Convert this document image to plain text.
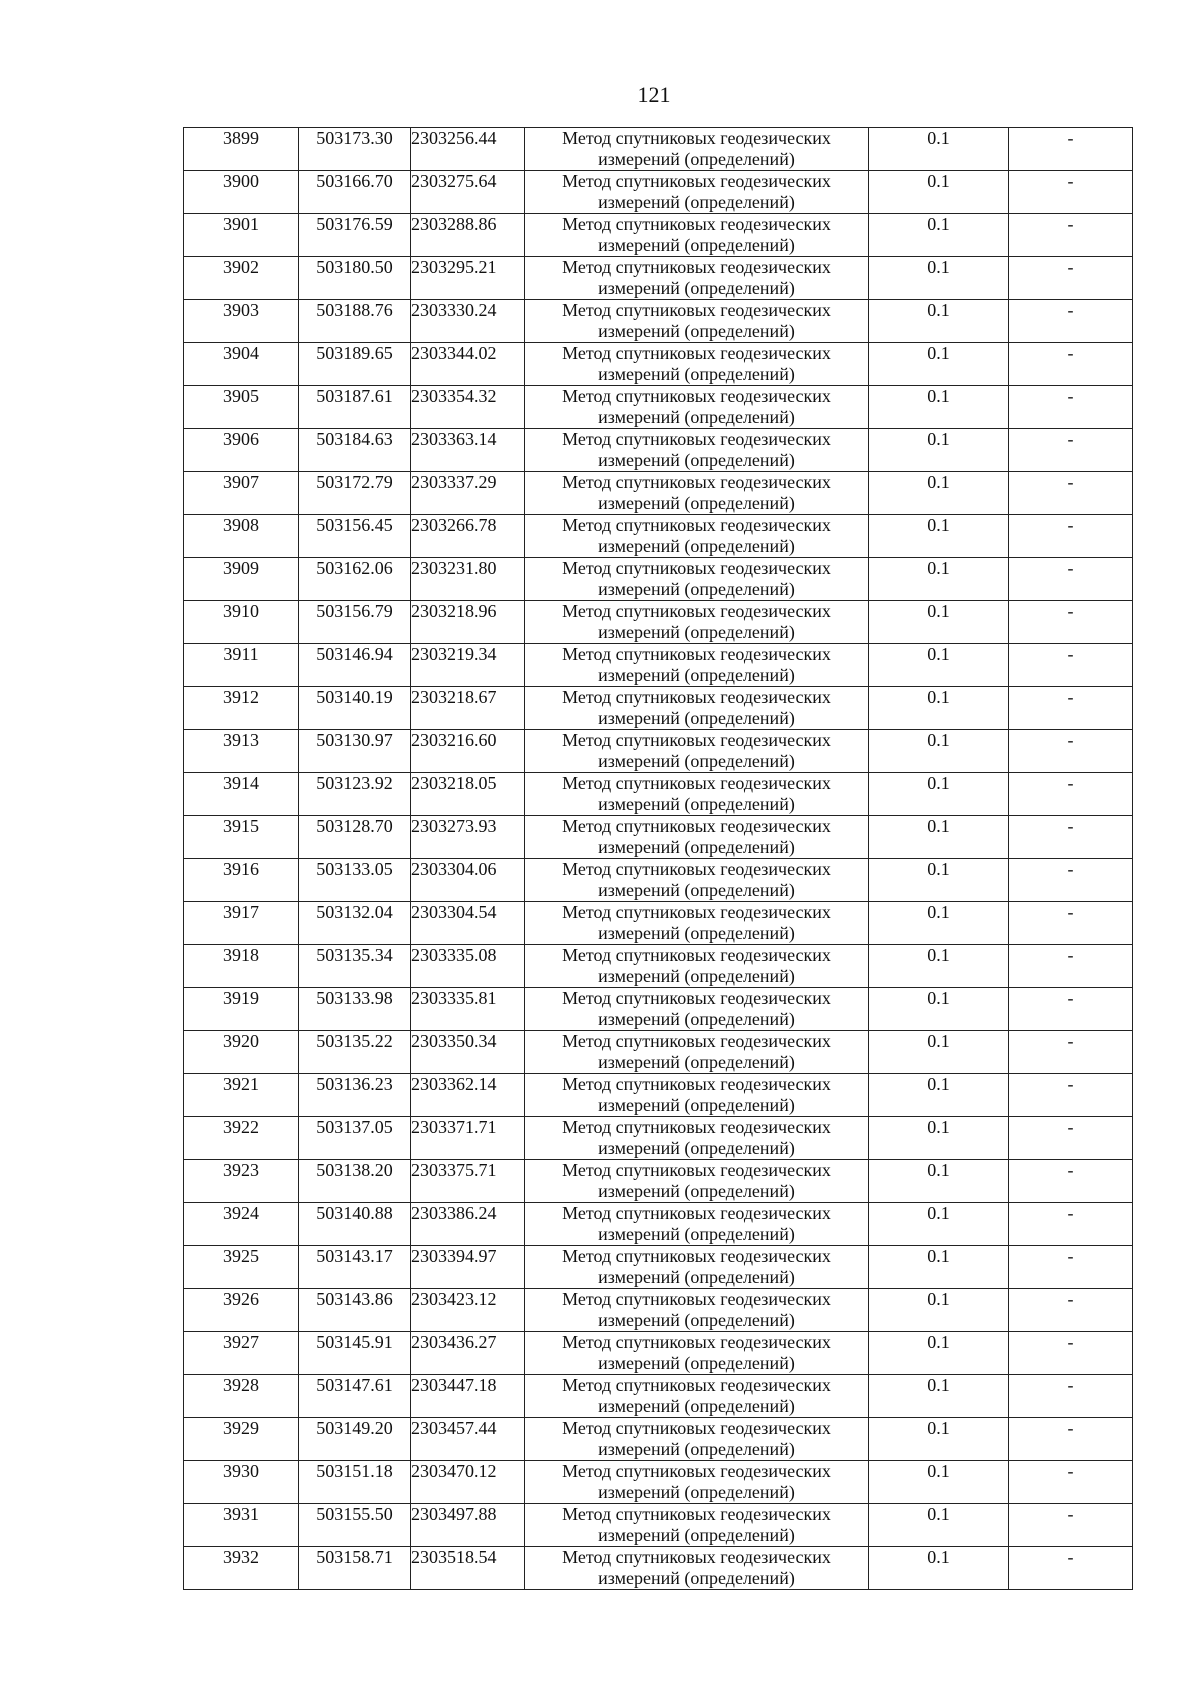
121
3899	503173.30	2303256.44	Метод спутниковых геодезических
измерений (определений)	0.1	-
3900	503166.70	2303275.64	Метод спутниковых геодезических
измерений (определений)	0.1	-
3901	503176.59	2303288.86	Метод спутниковых геодезических
измерений (определений)	0.1	-
3902	503180.50	2303295.21	Метод спутниковых геодезических
измерений (определений)	0.1	-
3903	503188.76	2303330.24	Метод спутниковых геодезических
измерений (определений)	0.1	-
3904	503189.65	2303344.02	Метод спутниковых геодезических
измерений (определений)	0.1	-
3905	503187.61	2303354.32	Метод спутниковых геодезических
измерений (определений)	0.1	-
3906	503184.63	2303363.14	Метод спутниковых геодезических
измерений (определений)	0.1	-
3907	503172.79	2303337.29	Метод спутниковых геодезических
измерений (определений)	0.1	-
3908	503156.45	2303266.78	Метод спутниковых геодезических
измерений (определений)	0.1	-
3909	503162.06	2303231.80	Метод спутниковых геодезических
измерений (определений)	0.1	-
3910	503156.79	2303218.96	Метод спутниковых геодезических
измерений (определений)	0.1	-
3911	503146.94	2303219.34	Метод спутниковых геодезических
измерений (определений)	0.1	-
3912	503140.19	2303218.67	Метод спутниковых геодезических
измерений (определений)	0.1	-
3913	503130.97	2303216.60	Метод спутниковых геодезических
измерений (определений)	0.1	-
3914	503123.92	2303218.05	Метод спутниковых геодезических
измерений (определений)	0.1	-
3915	503128.70	2303273.93	Метод спутниковых геодезических
измерений (определений)	0.1	-
3916	503133.05	2303304.06	Метод спутниковых геодезических
измерений (определений)	0.1	-
3917	503132.04	2303304.54	Метод спутниковых геодезических
измерений (определений)	0.1	-
3918	503135.34	2303335.08	Метод спутниковых геодезических
измерений (определений)	0.1	-
3919	503133.98	2303335.81	Метод спутниковых геодезических
измерений (определений)	0.1	-
3920	503135.22	2303350.34	Метод спутниковых геодезических
измерений (определений)	0.1	-
3921	503136.23	2303362.14	Метод спутниковых геодезических
измерений (определений)	0.1	-
3922	503137.05	2303371.71	Метод спутниковых геодезических
измерений (определений)	0.1	-
3923	503138.20	2303375.71	Метод спутниковых геодезических
измерений (определений)	0.1	-
3924	503140.88	2303386.24	Метод спутниковых геодезических
измерений (определений)	0.1	-
3925	503143.17	2303394.97	Метод спутниковых геодезических
измерений (определений)	0.1	-
3926	503143.86	2303423.12	Метод спутниковых геодезических
измерений (определений)	0.1	-
3927	503145.91	2303436.27	Метод спутниковых геодезических
измерений (определений)	0.1	-
3928	503147.61	2303447.18	Метод спутниковых геодезических
измерений (определений)	0.1	-
3929	503149.20	2303457.44	Метод спутниковых геодезических
измерений (определений)	0.1	-
3930	503151.18	2303470.12	Метод спутниковых геодезических
измерений (определений)	0.1	-
3931	503155.50	2303497.88	Метод спутниковых геодезических
измерений (определений)	0.1	-
3932	503158.71	2303518.54	Метод спутниковых геодезических
измерений (определений)	0.1	-
